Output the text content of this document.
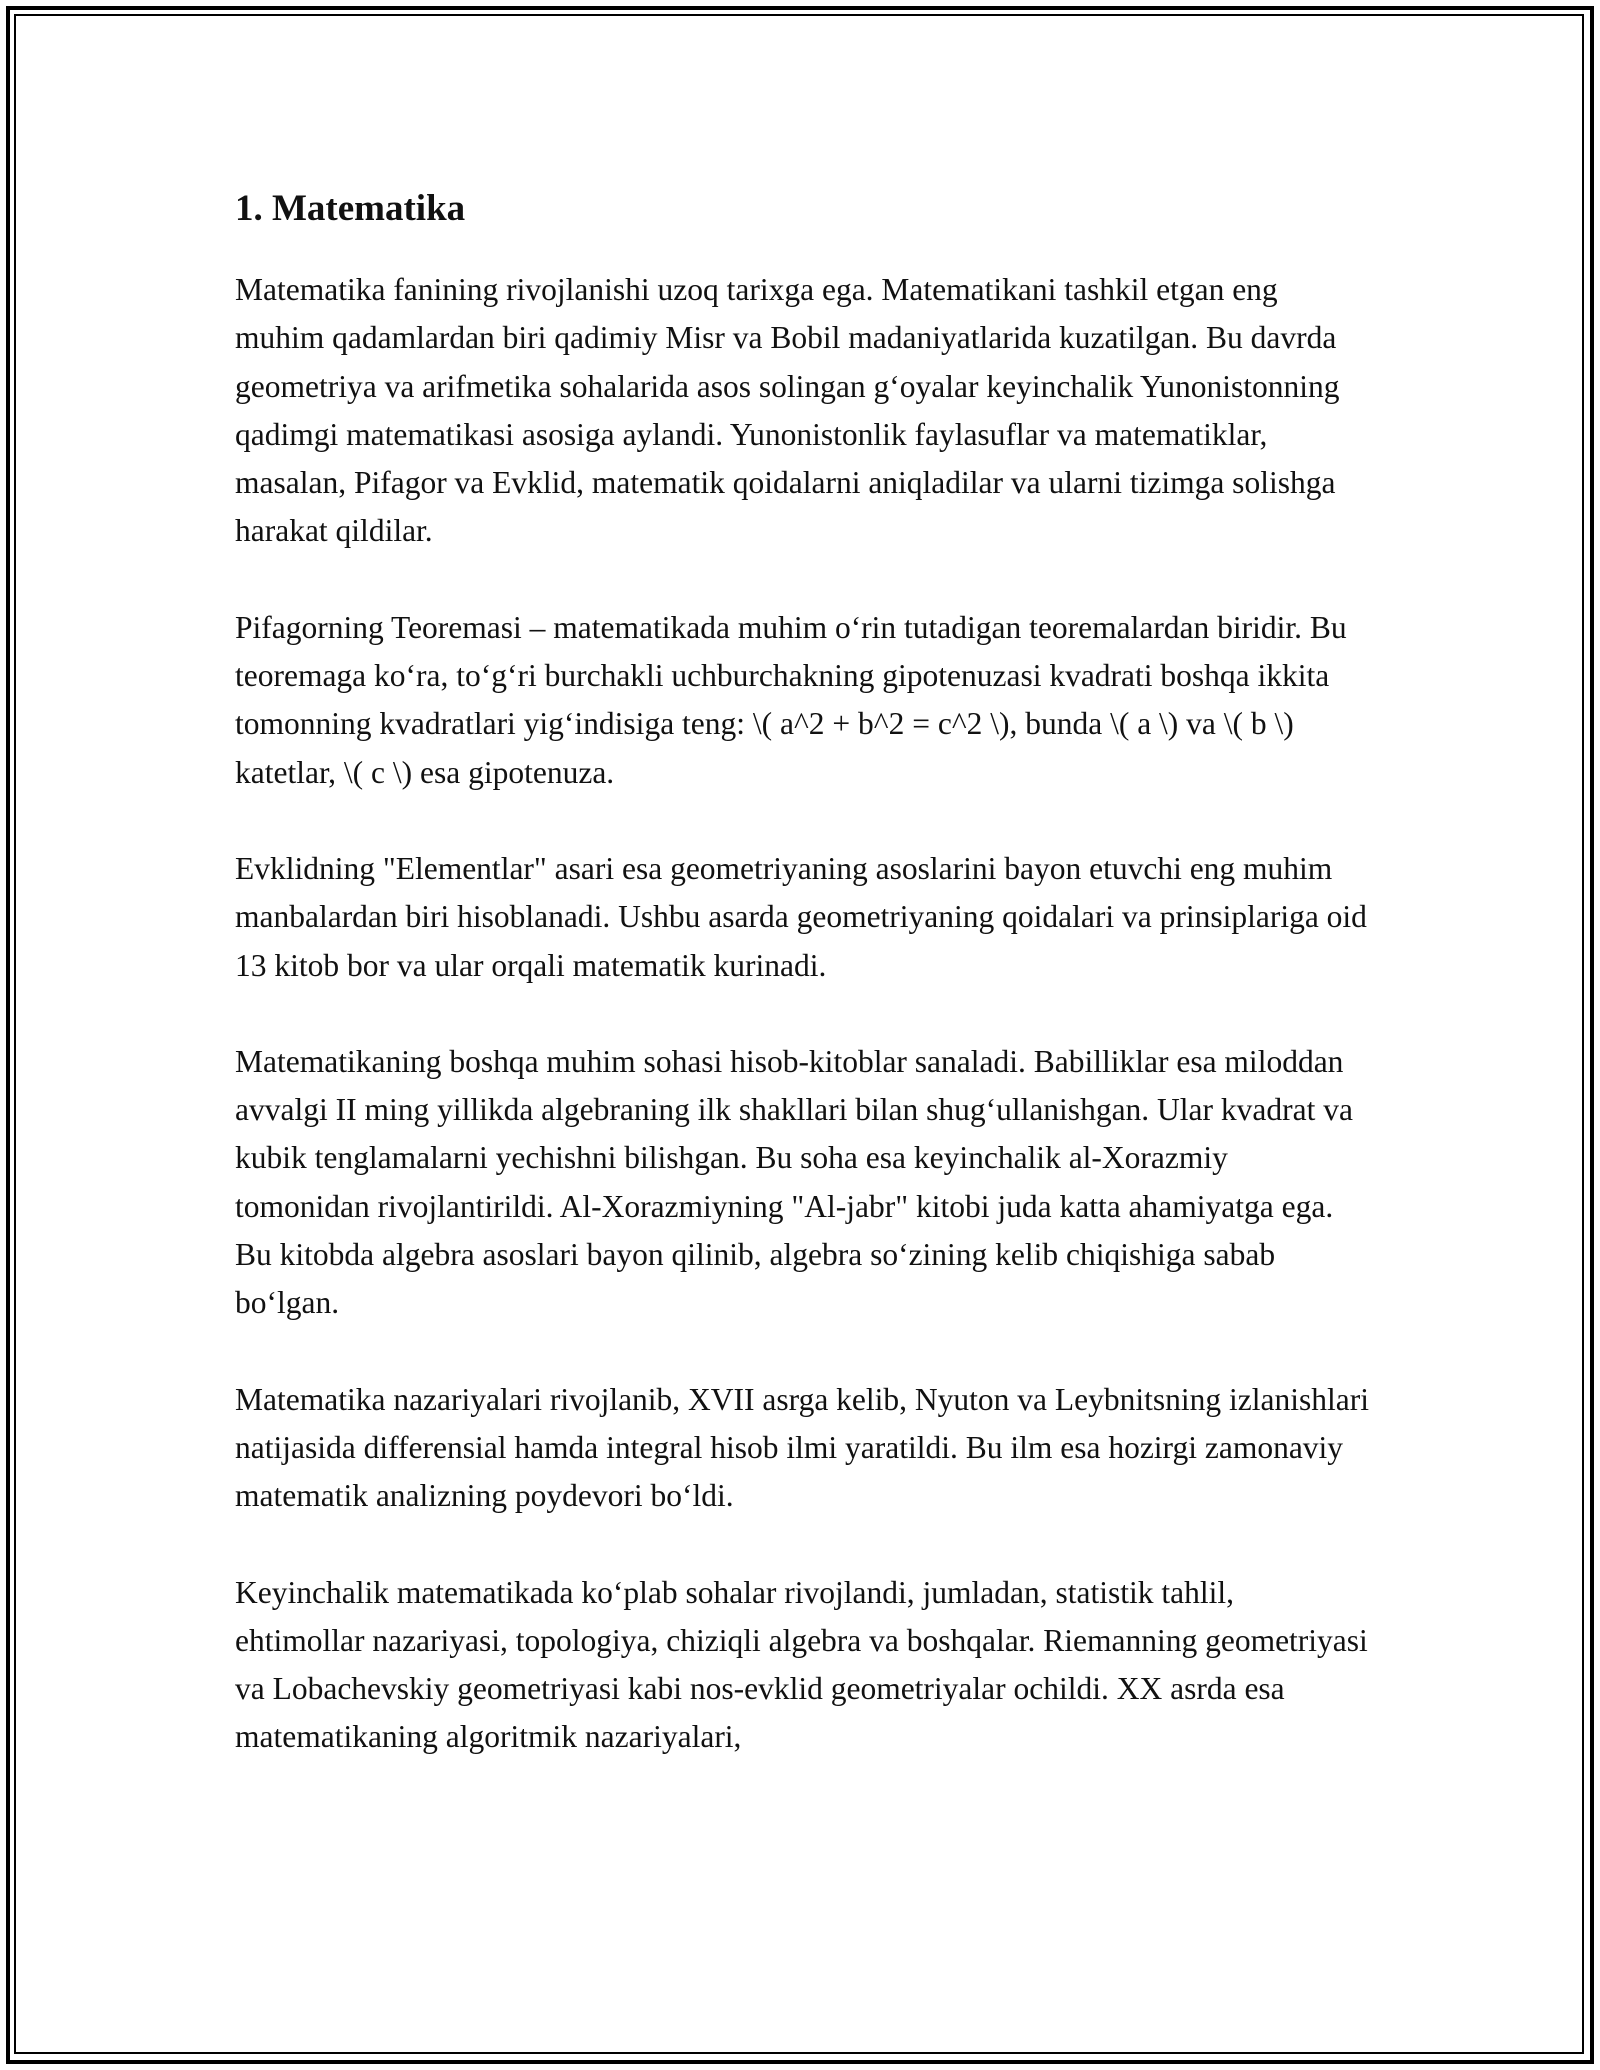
1. Matematika

Matematika fanining rivojlanishi uzoq tarixga ega. Matematikani tashkil etgan eng muhim qadamlardan biri qadimiy Misr va Bobil madaniyatlarida kuzatilgan. Bu davrda geometriya va arifmetika sohalarida asos solingan g‘oyalar keyinchalik Yunonistonning qadimgi matematikasi asosiga aylandi. Yunonistonlik faylasuflar va matematiklar, masalan, Pifagor va Evklid, matematik qoidalarni aniqladilar va ularni tizimga solishga harakat qildilar.

Pifagorning Teoremasi – matematikada muhim o‘rin tutadigan teoremalardan biridir. Bu teoremaga ko‘ra, to‘g‘ri burchakli uchburchakning gipotenuzasi kvadrati boshqa ikkita tomonning kvadratlari yig‘indisiga teng: \( a^2 + b^2 = c^2 \), bunda \( a \) va \( b \) katetlar, \( c \) esa gipotenuza.

Evklidning "Elementlar" asari esa geometriyaning asoslarini bayon etuvchi eng muhim manbalardan biri hisoblanadi. Ushbu asarda geometriyaning qoidalari va prinsiplariga oid 13 kitob bor va ular orqali matematik kurinadi.

Matematikaning boshqa muhim sohasi hisob-kitoblar sanaladi. Babilliklar esa miloddan avvalgi II ming yillikda algebraning ilk shakllari bilan shug‘ullanishgan. Ular kvadrat va kubik tenglamalarni yechishni bilishgan. Bu soha esa keyinchalik al-Xorazmiy tomonidan rivojlantirildi. Al-Xorazmiyning "Al-jabr" kitobi juda katta ahamiyatga ega. Bu kitobda algebra asoslari bayon qilinib, algebra so‘zining kelib chiqishiga sabab bo‘lgan.

Matematika nazariyalari rivojlanib, XVII asrga kelib, Nyuton va Leybnitsning izlanishlari natijasida differensial hamda integral hisob ilmi yaratildi. Bu ilm esa hozirgi zamonaviy matematik analizning poydevori bo‘ldi.

Keyinchalik matematikada ko‘plab sohalar rivojlandi, jumladan, statistik tahlil, ehtimollar nazariyasi, topologiya, chiziqli algebra va boshqalar. Riemanning geometriyasi va Lobachevskiy geometriyasi kabi nos-evklid geometriyalar ochildi. XX asrda esa matematikaning algoritmik nazariyalari,
